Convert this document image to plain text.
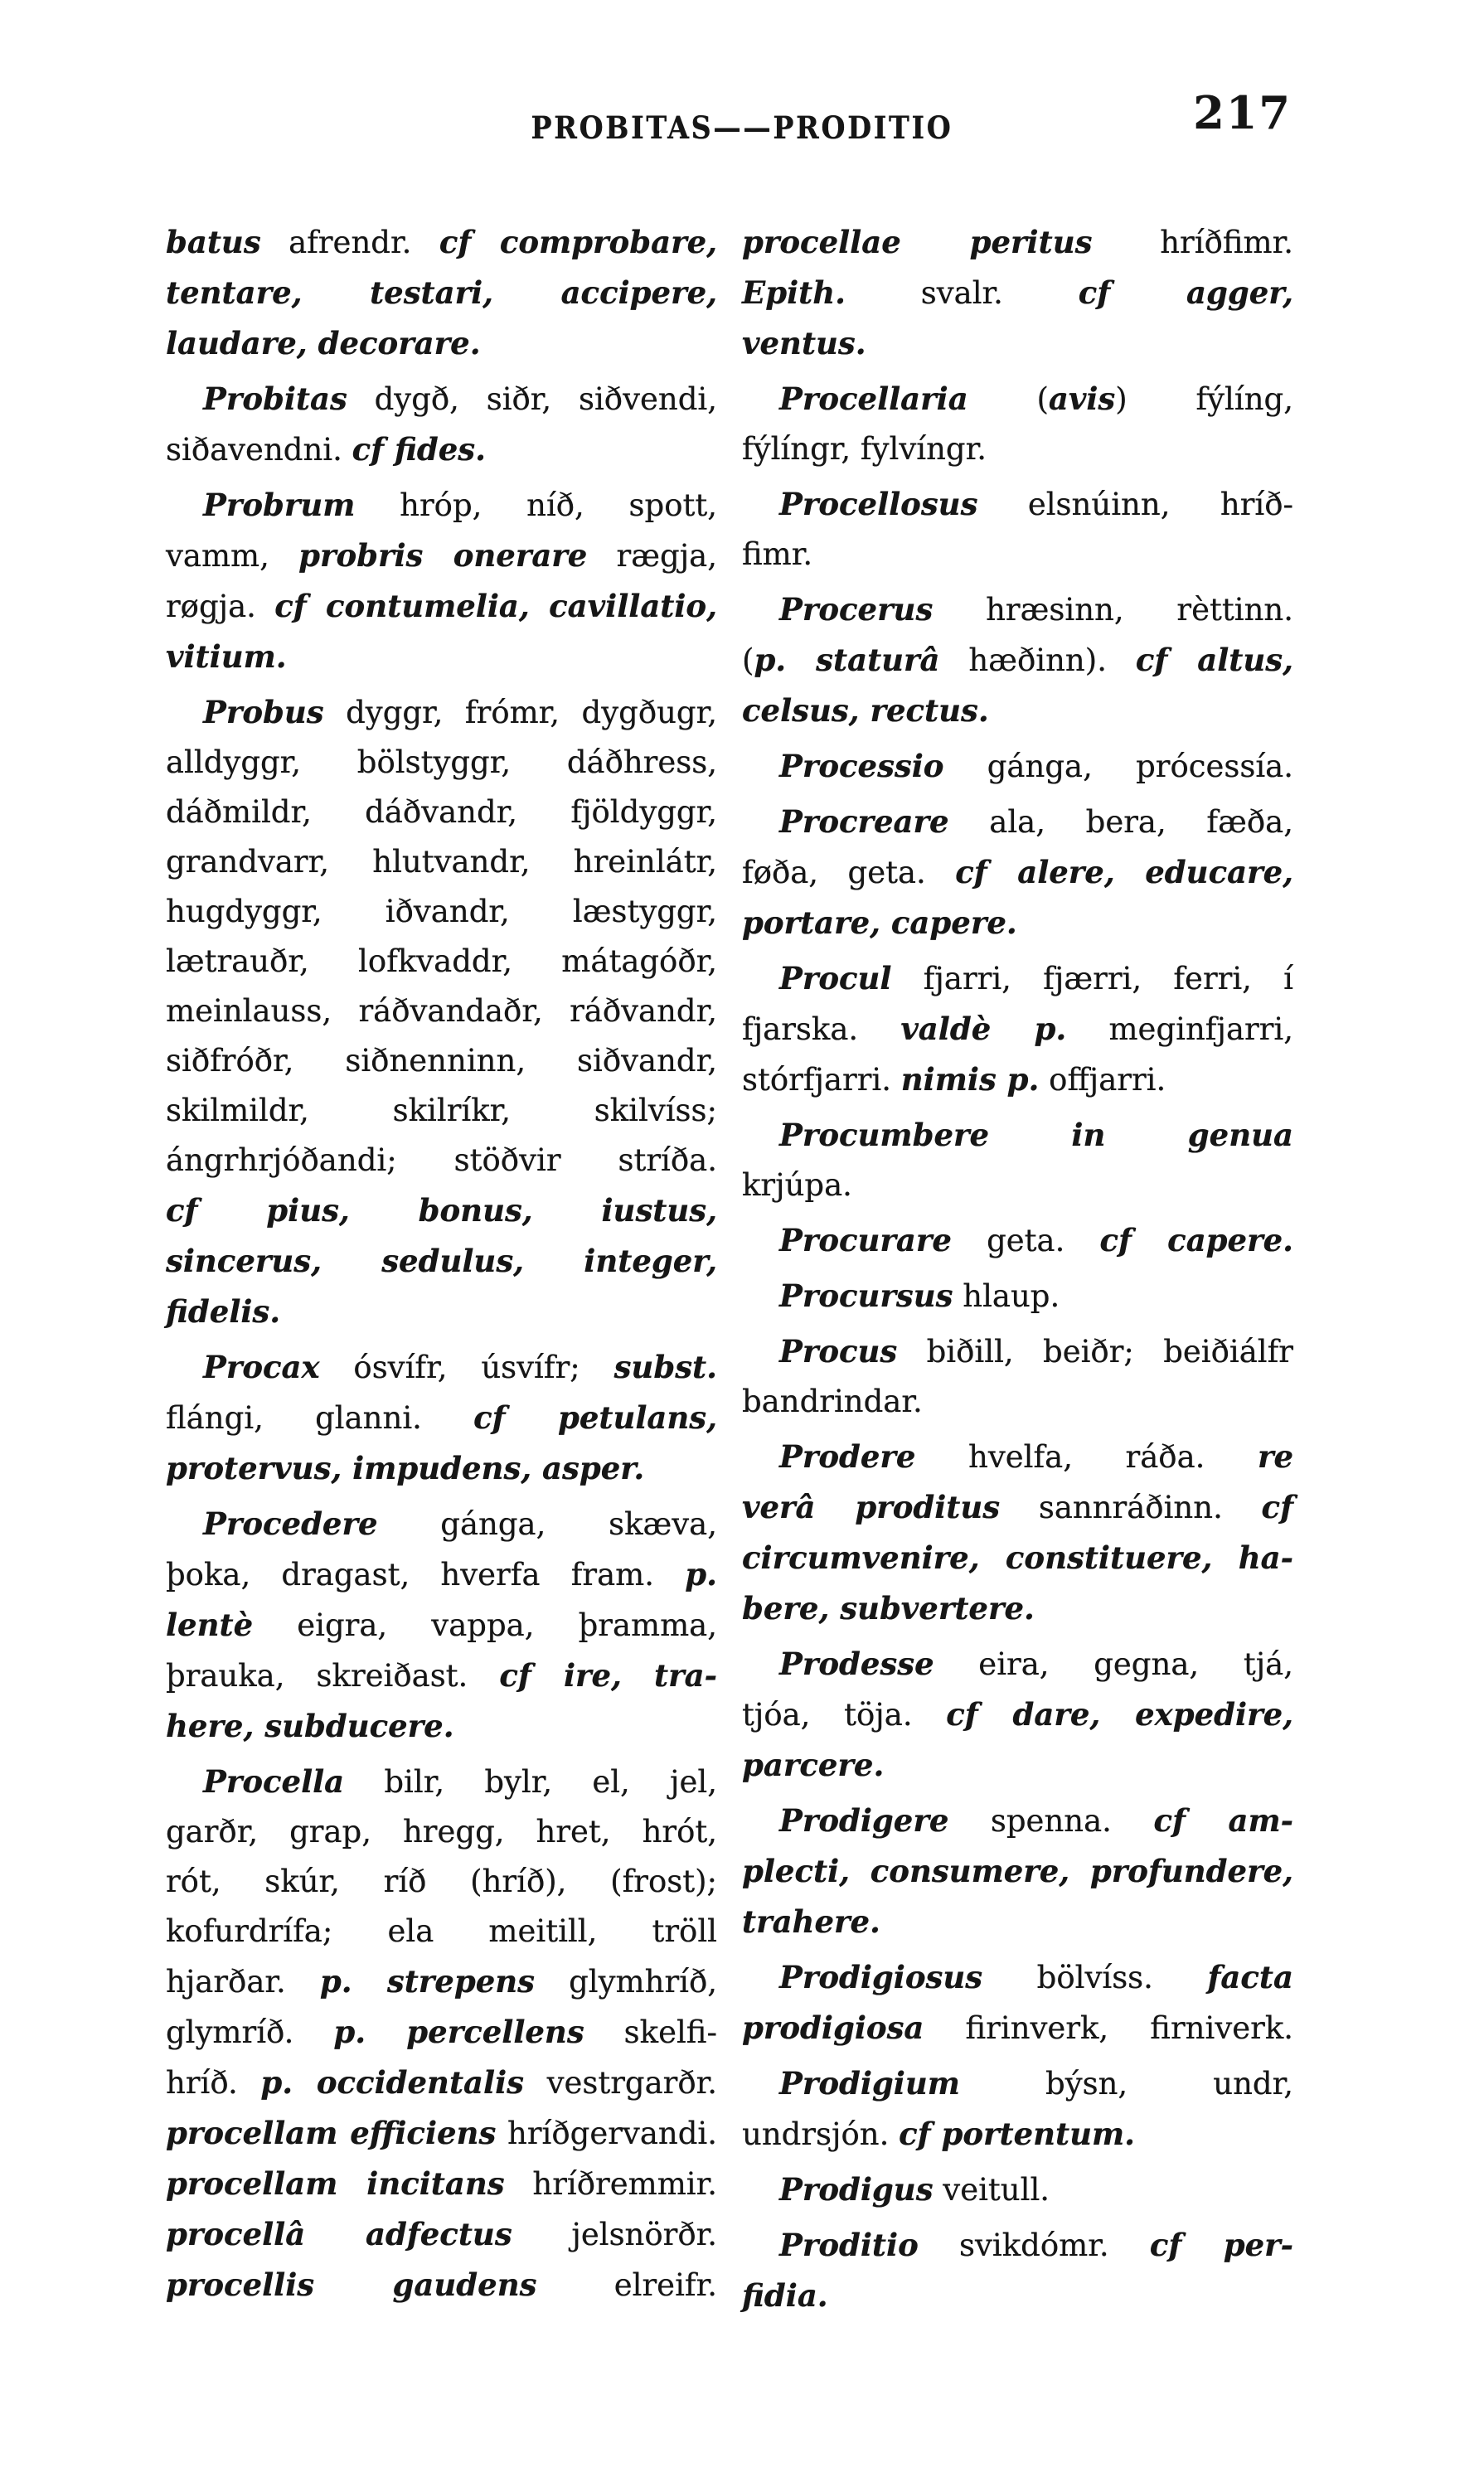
PROBITAS——PRODITIO	217
batus afrendr. cf comprobare,
tentare, testari, accipere,
laudare, decorare.
Probitas dygð, siðr, siðvendi,
siðavendni. cf fides.
Probrum hróp, níð, spott,
vamm, probris onerare rægja,
røgja. cf contumelia, cavillatio,
vitium.
Probus dyggr, frómr, dygðugr,
alldyggr, bölstyggr, dáðhress,
dáðmildr, dáðvandr, fjöldyggr,
grandvarr, hlutvandr, hreinlátr,
hugdyggr, iðvandr, læstyggr,
lætrauðr, lofkvaddr, mátagóðr,
meinlauss, ráðvandaðr, ráðvandr,
siðfróðr, siðnenninn, siðvandr,
skilmildr, skilríkr, skilvíss;
ángrhrjóðandi; stöðvir stríða.
cf pius, bonus, iustus,
sincerus, sedulus, integer,
fidelis.
Procax ósvífr, úsvífr; subst.
flángi, glanni. cf petulans,
protervus, impudens, asper.
Procedere gánga, skæva,
þoka, dragast, hverfa fram. p.
lentè eigra, vappa, þramma,
þrauka, skreiðast. cf ire, tra-
here, subducere.
Procella bilr, bylr, el, jel,
garðr, grap, hregg, hret, hrót,
rót, skúr, ríð (hríð), (frost);
kofurdrífa; ela meitill, tröll
hjarðar. p. strepens glymhríð,
glymríð. p. percellens skelfi-
hríð. p. occidentalis vestrgarðr.
procellam efficiens hríðgervandi.
procellam incitans hríðremmir.
procellâ adfectus jelsnörðr.
procellis gaudens elreifr.
procellae peritus hríðfimr.
Epith. svalr. cf agger,
ventus.
Procellaria (avis) fýlíng,
fýlíngr, fylvíngr.
Procellosus elsnúinn, hríð-
fimr.
Procerus hræsinn, rèttinn.
(p. staturâ hæðinn). cf altus,
celsus, rectus.
Processio gánga, prócessía.
Procreare ala, bera, fæða,
føða, geta. cf alere, educare,
portare, capere.
Procul fjarri, fjærri, ferri, í
fjarska. valdè p. meginfjarri,
stórfjarri. nimis p. offjarri.
Procumbere in genua
krjúpa.
Procurare geta. cf capere.
Procursus hlaup.
Procus biðill, beiðr; beiðiálfr
bandrindar.
Prodere hvelfa, ráða. re
verâ proditus sannráðinn. cf
circumvenire, constituere, ha-
bere, subvertere.
Prodesse eira, gegna, tjá,
tjóa, töja. cf dare, expedire,
parcere.
Prodigere spenna. cf am-
plecti, consumere, profundere,
trahere.
Prodigiosus bölvíss. facta
prodigiosa firinverk, firniverk.
Prodigium býsn, undr,
undrsjón. cf portentum.
Prodigus veitull.
Proditio svikdómr. cf per-
fidia.
